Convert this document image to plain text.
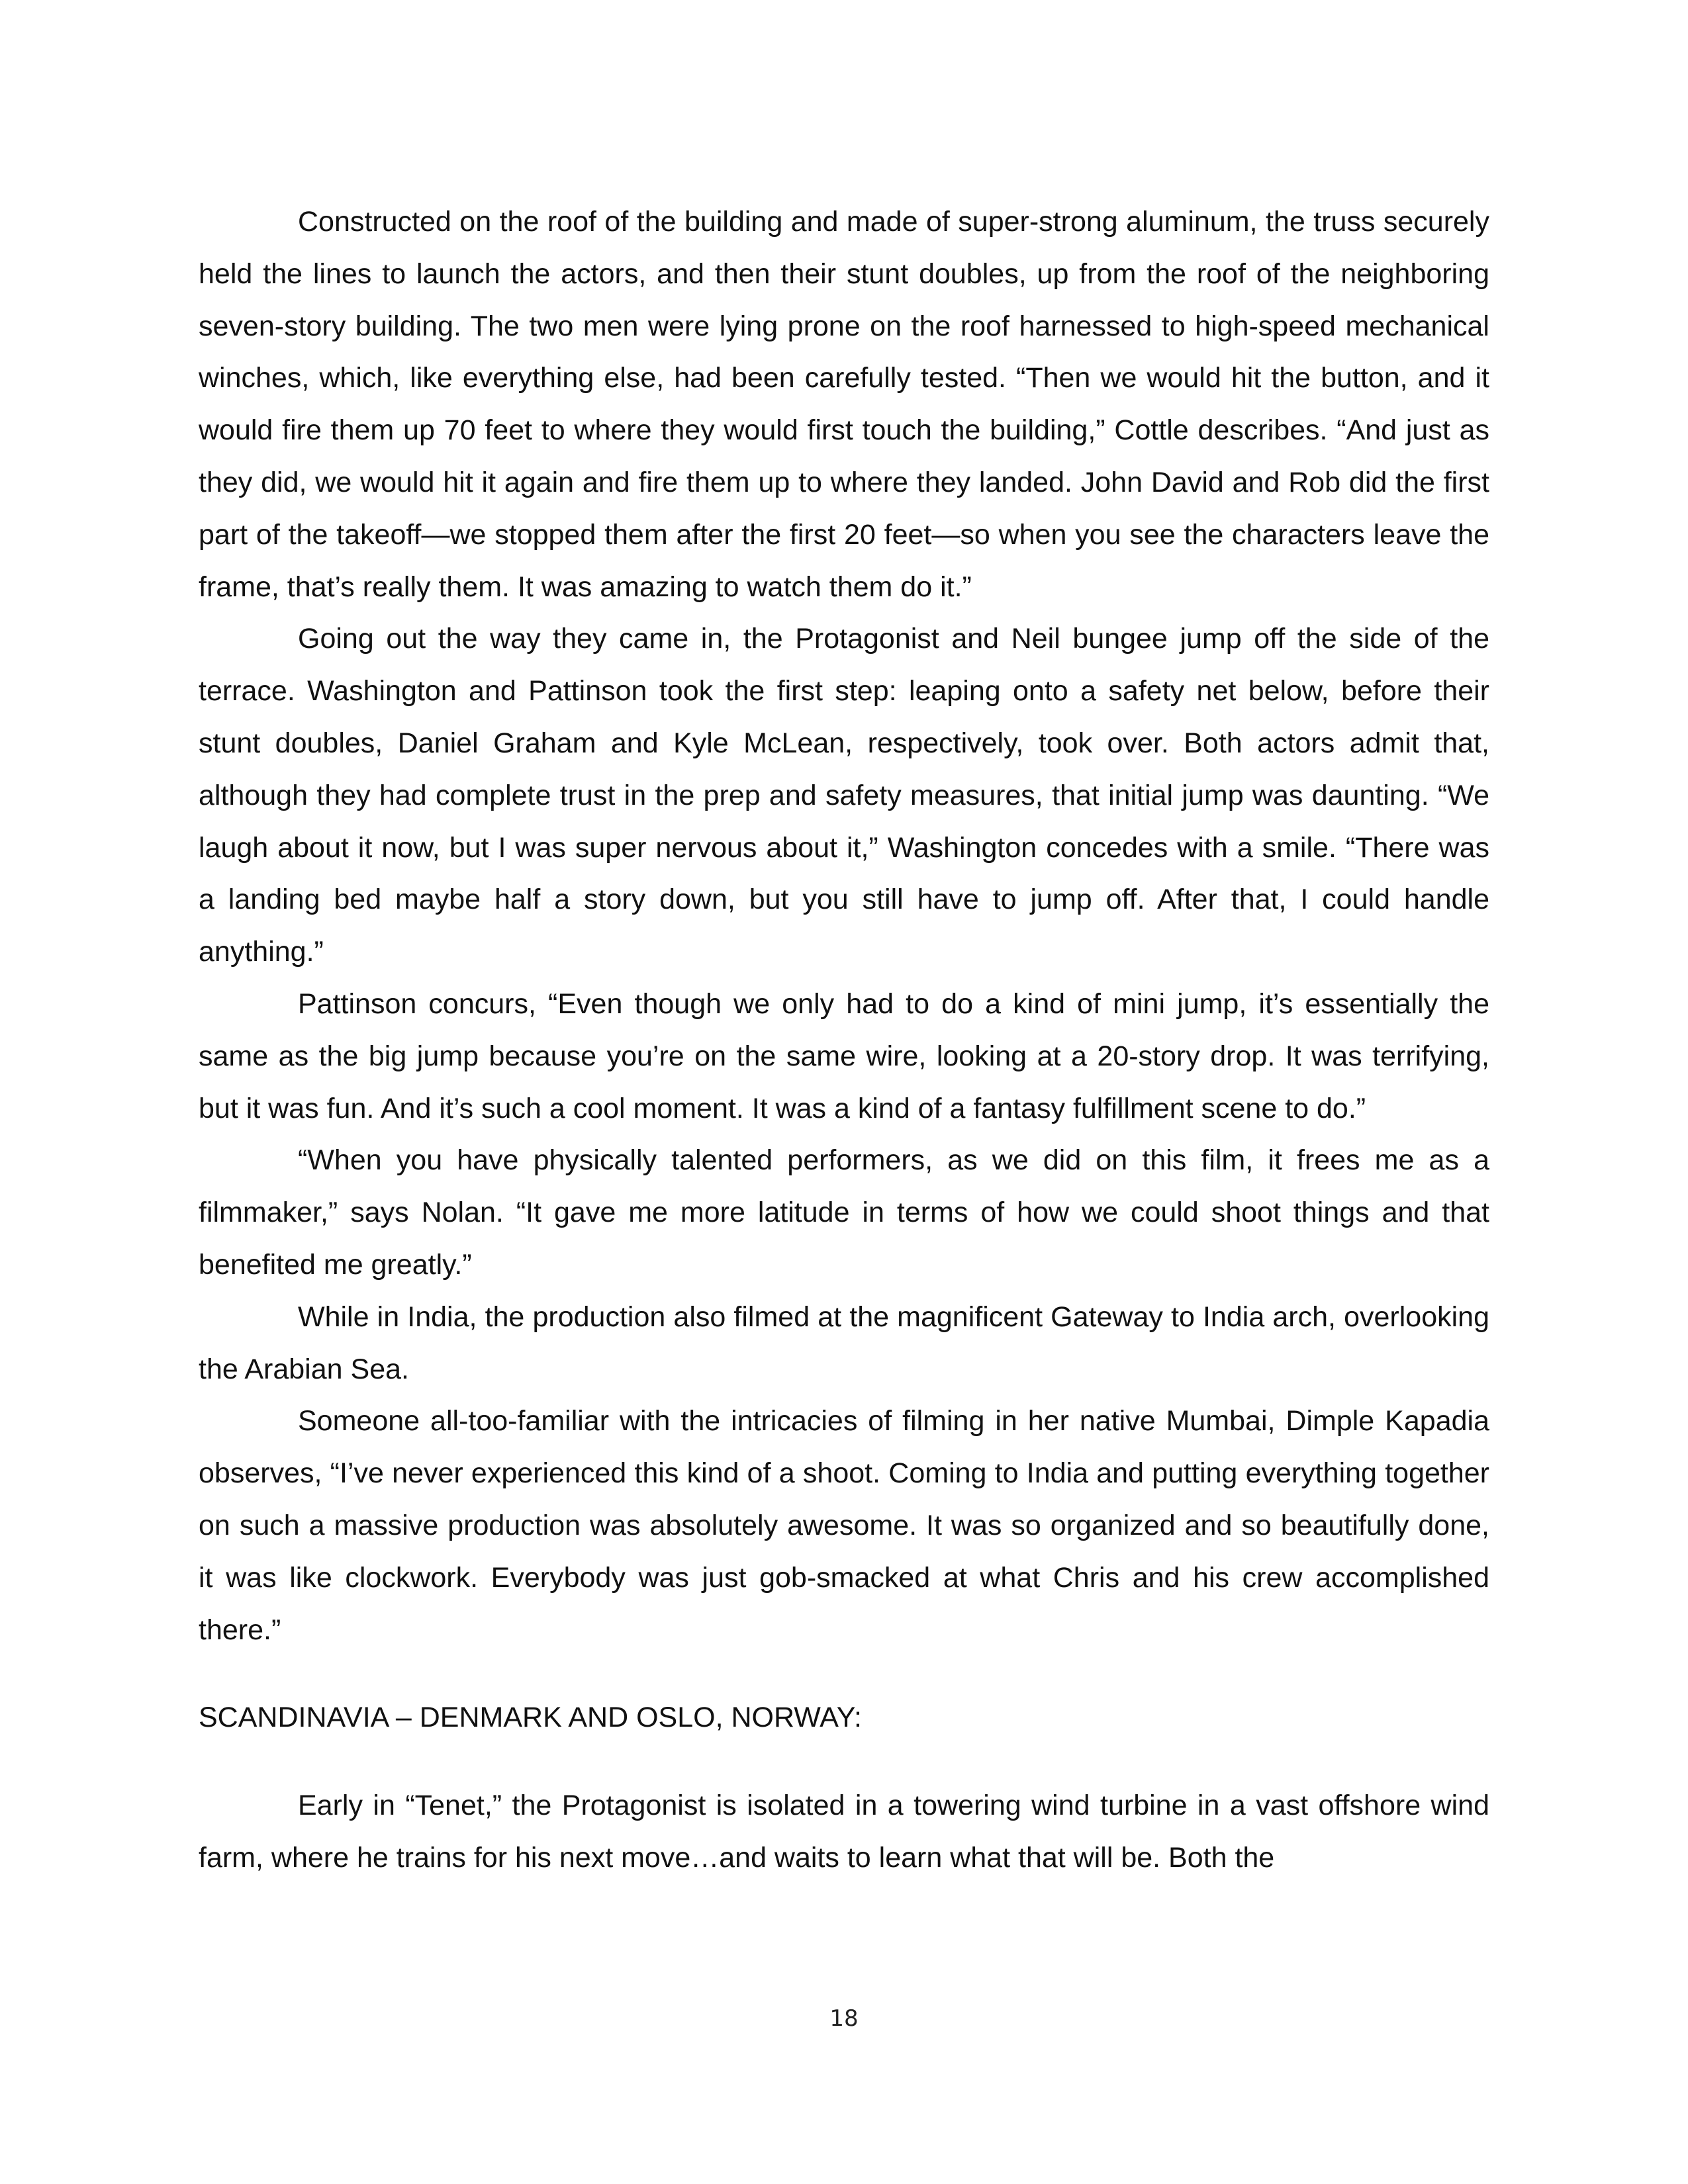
Constructed on the roof of the building and made of super-strong aluminum, the truss securely held the lines to launch the actors, and then their stunt doubles, up from the roof of the neighboring seven-story building. The two men were lying prone on the roof harnessed to high-speed mechanical winches, which, like everything else, had been carefully tested. “Then we would hit the button, and it would fire them up 70 feet to where they would first touch the building,” Cottle describes. “And just as they did, we would hit it again and fire them up to where they landed. John David and Rob did the first part of the takeoff—we stopped them after the first 20 feet—so when you see the characters leave the frame, that’s really them. It was amazing to watch them do it.”

Going out the way they came in, the Protagonist and Neil bungee jump off the side of the terrace. Washington and Pattinson took the first step: leaping onto a safety net below, before their stunt doubles, Daniel Graham and Kyle McLean, respectively, took over. Both actors admit that, although they had complete trust in the prep and safety measures, that initial jump was daunting. “We laugh about it now, but I was super nervous about it,” Washington concedes with a smile. “There was a landing bed maybe half a story down, but you still have to jump off. After that, I could handle anything.”

Pattinson concurs, “Even though we only had to do a kind of mini jump, it’s essentially the same as the big jump because you’re on the same wire, looking at a 20-story drop. It was terrifying, but it was fun. And it’s such a cool moment. It was a kind of a fantasy fulfillment scene to do.”

“When you have physically talented performers, as we did on this film, it frees me as a filmmaker,” says Nolan. “It gave me more latitude in terms of how we could shoot things and that benefited me greatly.”

While in India, the production also filmed at the magnificent Gateway to India arch, overlooking the Arabian Sea.

Someone all-too-familiar with the intricacies of filming in her native Mumbai, Dimple Kapadia observes, “I’ve never experienced this kind of a shoot. Coming to India and putting everything together on such a massive production was absolutely awesome. It was so organized and so beautifully done, it was like clockwork. Everybody was just gob-smacked at what Chris and his crew accomplished there.”

SCANDINAVIA – DENMARK AND OSLO, NORWAY:

Early in “Tenet,” the Protagonist is isolated in a towering wind turbine in a vast offshore wind farm, where he trains for his next move…and waits to learn what that will be. Both the

18
